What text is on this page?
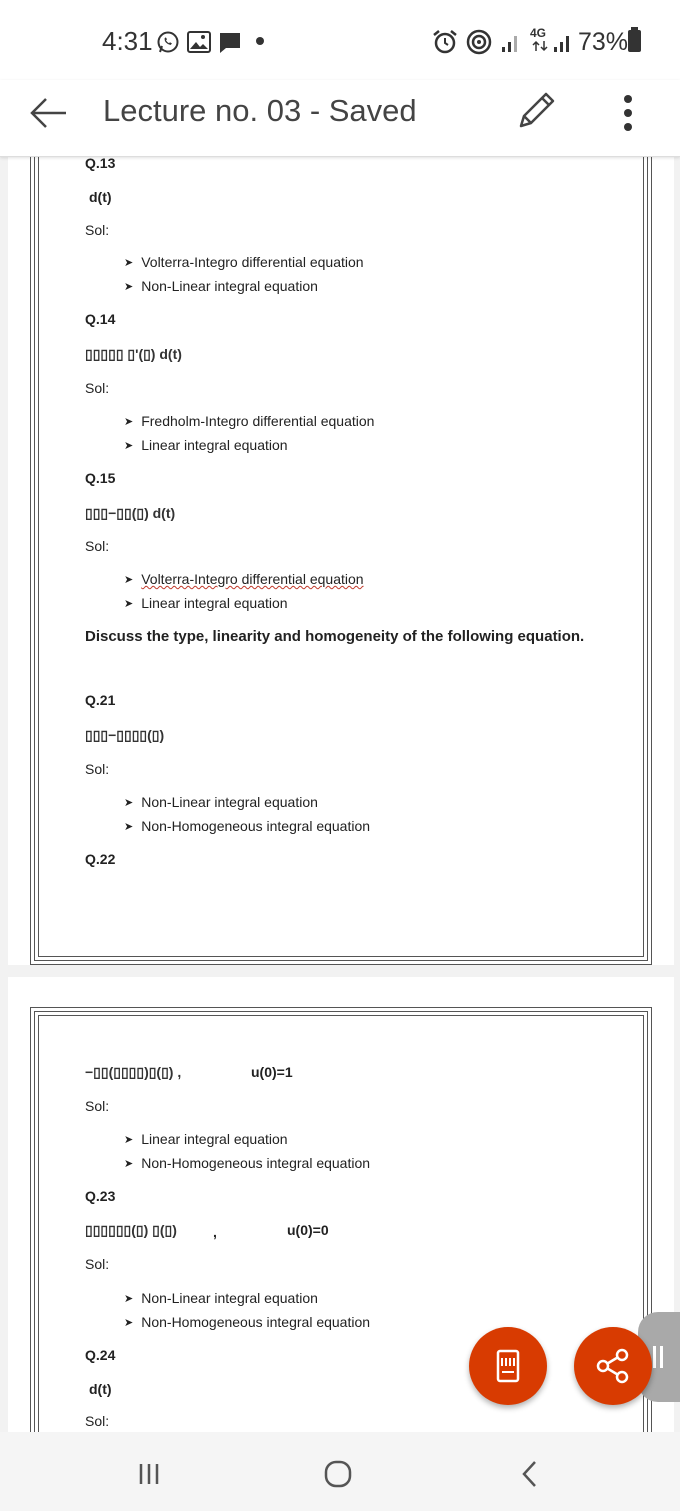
4:31	4G 73%
Lecture no. 03 - Saved
Q.13
d(t)
Sol:
➤ Volterra-Integro differential equation
➤ Non-Linear integral equation
Q.14
▯▯▯▯▯ ▯'(▯) d(t)
Sol:
➤ Fredholm-Integro differential equation
➤ Linear integral equation
Q.15
▯▯▯−▯▯(▯) d(t)
Sol:
➤ Volterra-Integro differential equation
➤ Linear integral equation
Discuss the type, linearity and homogeneity of the following equation.
Q.21
▯▯▯−▯▯▯▯(▯)
Sol:
➤ Non-Linear integral equation
➤ Non-Homogeneous integral equation
Q.22
−▯▯(▯▯▯▯)▯(▯) ,	u(0)=1
Sol:
➤ Linear integral equation
➤ Non-Homogeneous integral equation
Q.23
▯▯▯▯▯▯(▯) ▯(▯)	,	u(0)=0
Sol:
➤ Non-Linear integral equation
➤ Non-Homogeneous integral equation
Q.24
d(t)
Sol:
